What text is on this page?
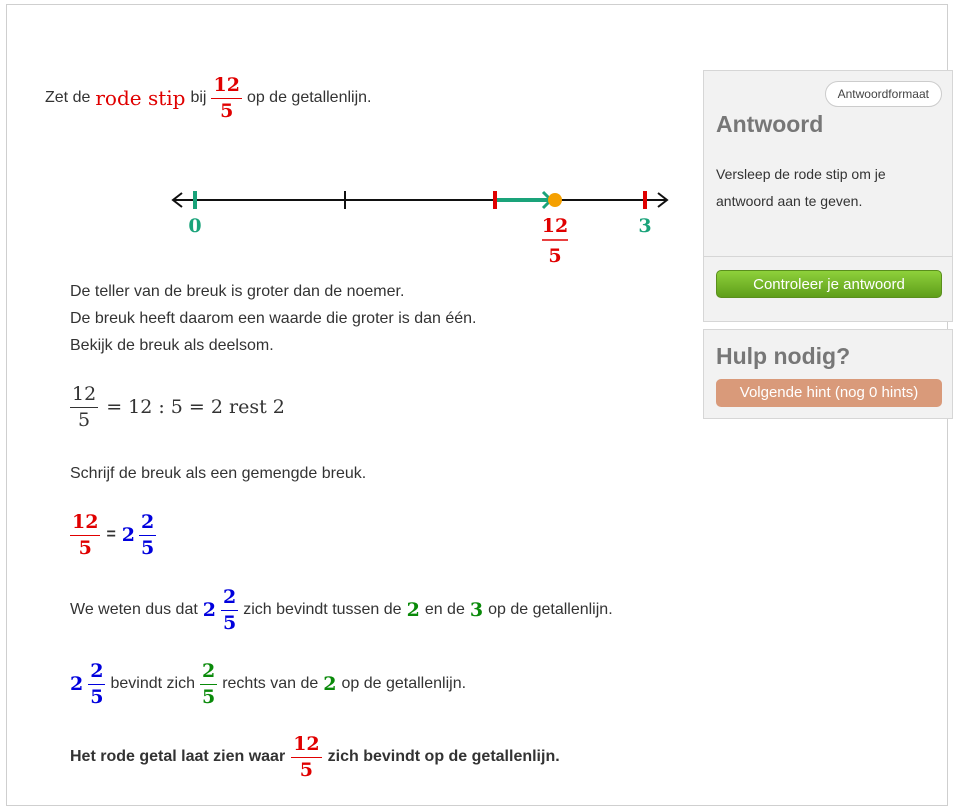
Zet de rode stip bij $\frac{12}{5}$ op de getallenlijn.
0	3
12
5
De teller van de breuk is groter dan de noemer.
De breuk heeft daarom een waarde die groter is dan één.
Bekijk de breuk als deelsom.
$\frac{12}{5} = 12$ : 5 = 2 rest 2
Schrijf de breuk als een gemengde breuk.
$\frac{12}{5} = 2 \frac{2}{5}$
We weten dus dat $2 \frac{2}{5}$ zich bevindt tussen de 2 en de 3 op de getallenlijn.
$2 \frac{2}{5}$ bevindt zich $\frac{2}{5}$ rechts van de 2 op de getallenlijn.
Het rode getal laat zien waar $\frac{12}{5}$ zich bevindt op de getallenlijn.
Antwoordformaat
Antwoord
Versleep de rode stip om je antwoord aan te geven.
Controleer je antwoord
Hulp nodig?
Volgende hint (nog 0 hints)
